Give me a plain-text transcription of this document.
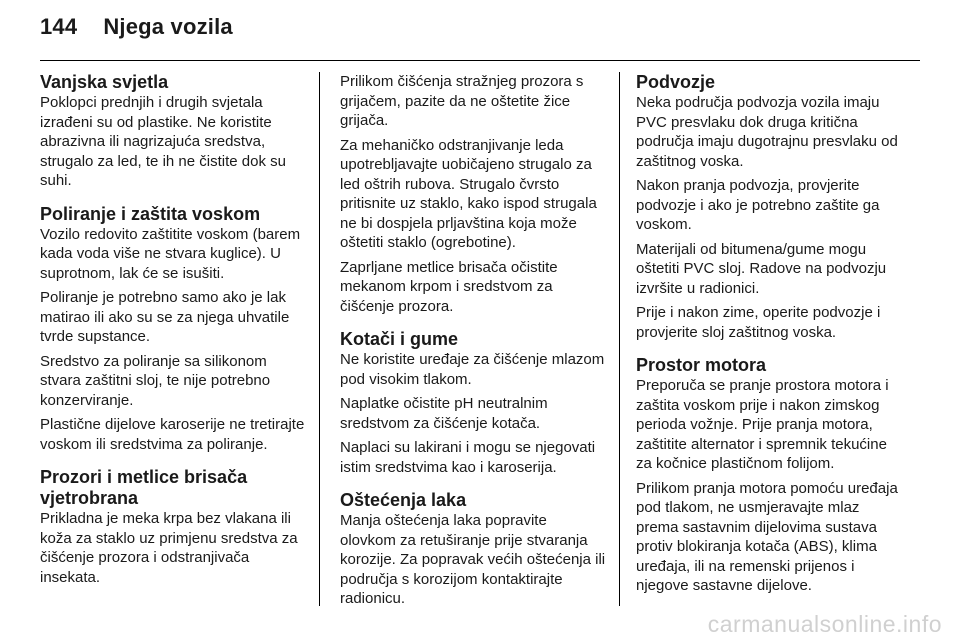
144 Njega vozila
Vanjska svjetla

Poklopci prednjih i drugih svjetala izrađeni su od plastike. Ne koristite abrazivna ili nagrizajuća sredstva, strugalo za led, te ih ne čistite dok su suhi.

Poliranje i zaštita voskom

Vozilo redovito zaštitite voskom (barem kada voda više ne stvara kuglice). U suprotnom, lak će se isušiti.

Poliranje je potrebno samo ako je lak matirao ili ako su se za njega uhvatile tvrde supstance.

Sredstvo za poliranje sa silikonom stvara zaštitni sloj, te nije potrebno konzerviranje.

Plastične dijelove karoserije ne tretirajte voskom ili sredstvima za poliranje.

Prozori i metlice brisača vjetrobrana

Prikladna je meka krpa bez vlakana ili koža za staklo uz primjenu sredstva za čišćenje prozora i odstranjivača insekata.

Prilikom čišćenja stražnjeg prozora s grijačem, pazite da ne oštetite žice grijača.

Za mehaničko odstranjivanje leda upotrebljavajte uobičajeno strugalo za led oštrih rubova. Strugalo čvrsto pritisnite uz staklo, kako ispod strugala ne bi dospjela prljavština koja može oštetiti staklo (ogrebotine).

Zaprljane metlice brisača očistite mekanom krpom i sredstvom za čišćenje prozora.

Kotači i gume

Ne koristite uređaje za čišćenje mlazom pod visokim tlakom.

Naplatke očistite pH neutralnim sredstvom za čišćenje kotača.

Naplaci su lakirani i mogu se njegovati istim sredstvima kao i karoserija.

Oštećenja laka

Manja oštećenja laka popravite olovkom za retuširanje prije stvaranja korozije. Za popravak većih oštećenja ili područja s korozijom kontaktirajte radionicu.

Podvozje

Neka područja podvozja vozila imaju PVC presvlaku dok druga kritična područja imaju dugotrajnu presvlaku od zaštitnog voska.

Nakon pranja podvozja, provjerite podvozje i ako je potrebno zaštite ga voskom.

Materijali od bitumena/gume mogu oštetiti PVC sloj. Radove na podvozju izvršite u radionici.

Prije i nakon zime, operite podvozje i provjerite sloj zaštitnog voska.

Prostor motora

Preporuča se pranje prostora motora i zaštita voskom prije i nakon zimskog perioda vožnje. Prije pranja motora, zaštitite alternator i spremnik tekućine za kočnice plastičnom folijom.

Prilikom pranja motora pomoću uređaja pod tlakom, ne usmjeravajte mlaz prema sastavnim dijelovima sustava protiv blokiranja kotača (ABS), klima uređaja, ili na remenski prijenos i njegove sastavne dijelove.

carmanualsonline.info
